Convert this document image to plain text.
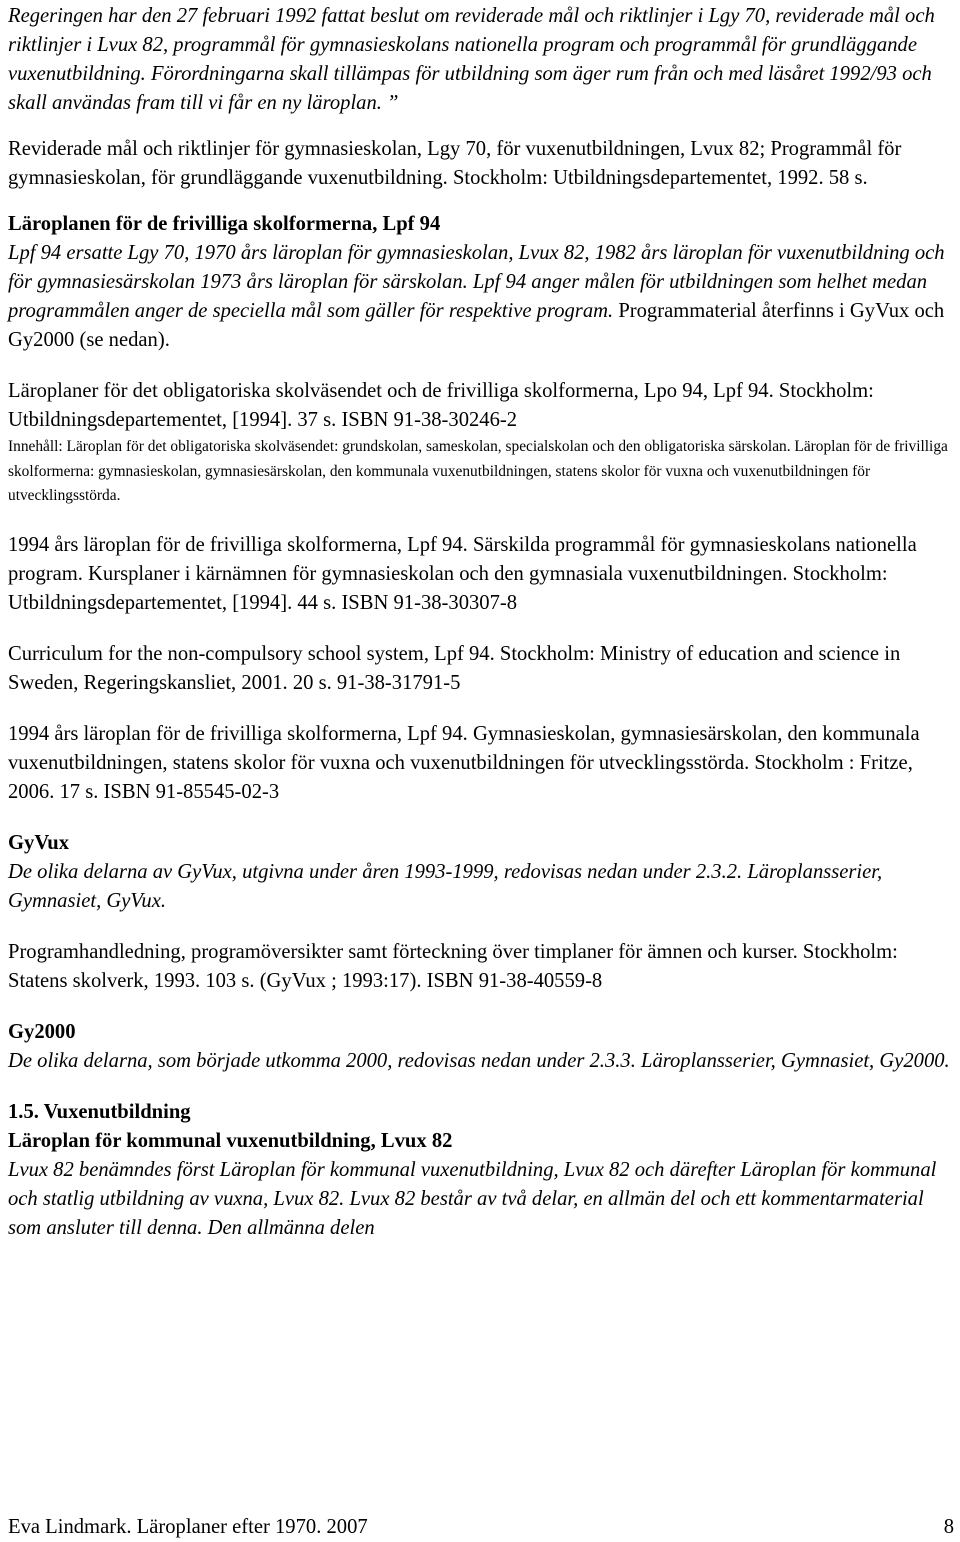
Regeringen har den 27 februari 1992 fattat beslut om reviderade mål och riktlinjer i Lgy 70, reviderade mål och riktlinjer i Lvux 82, programmål för gymnasieskolans nationella program och programmål för grundläggande vuxenutbildning. Förordningarna skall tillämpas för utbildning som äger rum från och med läsåret 1992/93 och skall användas fram till vi får en ny läroplan. ”

Reviderade mål och riktlinjer för gymnasieskolan, Lgy 70, för vuxenutbildningen, Lvux 82; Programmål för gymnasieskolan, för grundläggande vuxenutbildning. Stockholm: Utbildningsdepartementet, 1992. 58 s.

Läroplanen för de frivilliga skolformerna, Lpf 94

Lpf 94 ersatte Lgy 70, 1970 års läroplan för gymnasieskolan, Lvux 82, 1982 års läroplan för vuxenutbildning och för gymnasiesärskolan 1973 års läroplan för särskolan. Lpf 94 anger målen för utbildningen som helhet medan programmålen anger de speciella mål som gäller för respektive program. Programmaterial återfinns i GyVux och Gy2000 (se nedan).

Läroplaner för det obligatoriska skolväsendet och de frivilliga skolformerna, Lpo 94, Lpf 94. Stockholm: Utbildningsdepartementet, [1994]. 37 s. ISBN 91-38-30246-2

Innehåll: Läroplan för det obligatoriska skolväsendet: grundskolan, sameskolan, specialskolan och den obligatoriska särskolan. Läroplan för de frivilliga skolformerna: gymnasieskolan, gymnasiesärskolan, den kommunala vuxenutbildningen, statens skolor för vuxna och vuxenutbildningen för utvecklingsstörda.

1994 års läroplan för de frivilliga skolformerna, Lpf 94. Särskilda programmål för gymnasieskolans nationella program. Kursplaner i kärnämnen för gymnasieskolan och den gymnasiala vuxenutbildningen. Stockholm: Utbildningsdepartementet, [1994]. 44 s. ISBN 91-38-30307-8

Curriculum for the non-compulsory school system, Lpf 94. Stockholm: Ministry of education and science in Sweden, Regeringskansliet, 2001. 20 s. 91-38-31791-5

1994 års läroplan för de frivilliga skolformerna, Lpf 94. Gymnasieskolan, gymnasiesärskolan, den kommunala vuxenutbildningen, statens skolor för vuxna och vuxenutbildningen för utvecklingsstörda. Stockholm : Fritze, 2006. 17 s. ISBN 91-85545-02-3

GyVux

De olika delarna av GyVux, utgivna under åren 1993-1999, redovisas nedan under 2.3.2. Läroplansserier, Gymnasiet, GyVux.

Programhandledning, programöversikter samt förteckning över timplaner för ämnen och kurser. Stockholm: Statens skolverk, 1993. 103 s. (GyVux ; 1993:17). ISBN 91-38-40559-8

Gy2000

De olika delarna, som började utkomma 2000, redovisas nedan under 2.3.3. Läroplansserier, Gymnasiet, Gy2000.

1.5. Vuxenutbildning

Läroplan för kommunal vuxenutbildning, Lvux 82

Lvux 82 benämndes först Läroplan för kommunal vuxenutbildning, Lvux 82 och därefter Läroplan för kommunal och statlig utbildning av vuxna, Lvux 82. Lvux 82 består av två delar, en allmän del och ett kommentarmaterial som ansluter till denna. Den allmänna delen

Eva Lindmark. Läroplaner efter 1970. 2007	8
